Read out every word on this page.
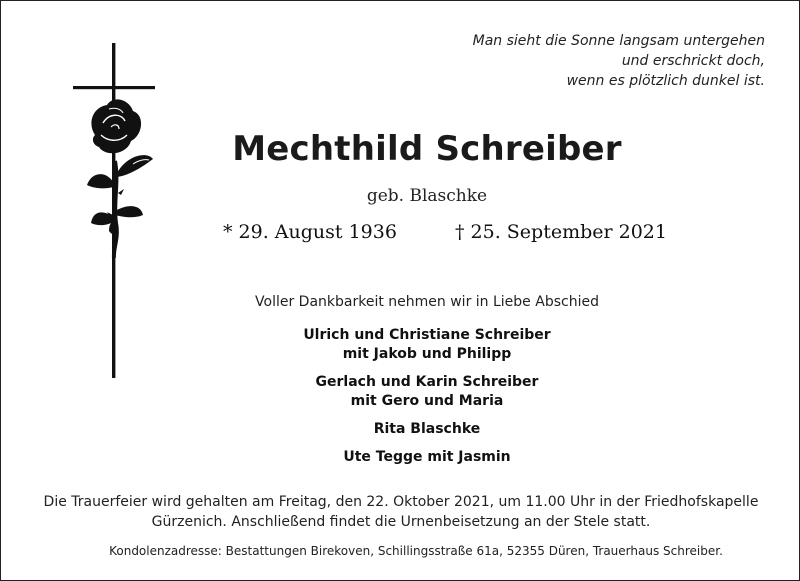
Man sieht die Sonne langsam untergehen
und erschrickt doch,
wenn es plötzlich dunkel ist.
Mechthild Schreiber
geb. Blaschke
* 29. August 1936	† 25. September 2021
Voller Dankbarkeit nehmen wir in Liebe Abschied
Ulrich und Christiane Schreiber
mit Jakob und Philipp
Gerlach und Karin Schreiber
mit Gero und Maria
Rita Blaschke
Ute Tegge mit Jasmin
Die Trauerfeier wird gehalten am Freitag, den 22. Oktober 2021, um 11.00 Uhr in der Friedhofskapelle
Gürzenich. Anschließend findet die Urnenbeisetzung an der Stele statt.
Kondolenzadresse: Bestattungen Birekoven, Schillingsstraße 61a, 52355 Düren, Trauerhaus Schreiber.
